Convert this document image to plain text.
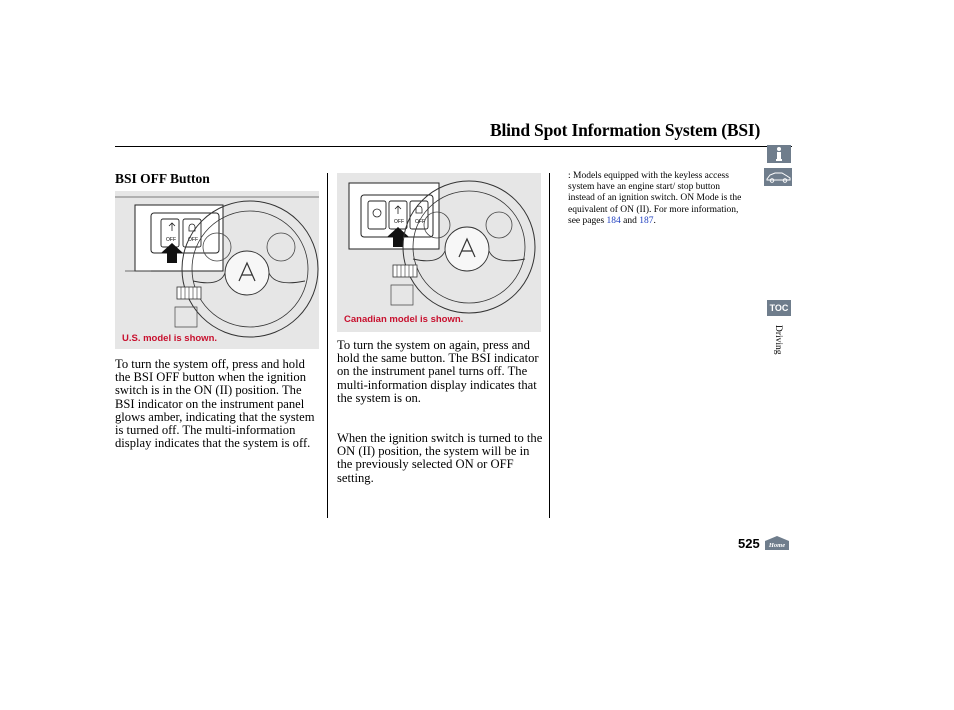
Blind Spot Information System (BSI)
BSI OFF Button
OFF OFF
U.S. model is shown.
To turn the system off, press and hold the BSI OFF button when the ignition switch is in the ON (II) position. The BSI indicator on the instrument panel glows amber, indicating that the system is turned off. The multi-information display indicates that the system is off.
OFF OFF
Canadian model is shown.
To turn the system on again, press and hold the same button. The BSI indicator on the instrument panel turns off. The multi-information display indicates that the system is on.
When the ignition switch is turned to the ON (II) position, the system will be in the previously selected ON or OFF setting.
: Models equipped with the keyless access system have an engine start/ stop button instead of an ignition switch. ON Mode is the equivalent of ON (II). For more information, see pages 184 and 187.
TOC
Driving
525 Home
